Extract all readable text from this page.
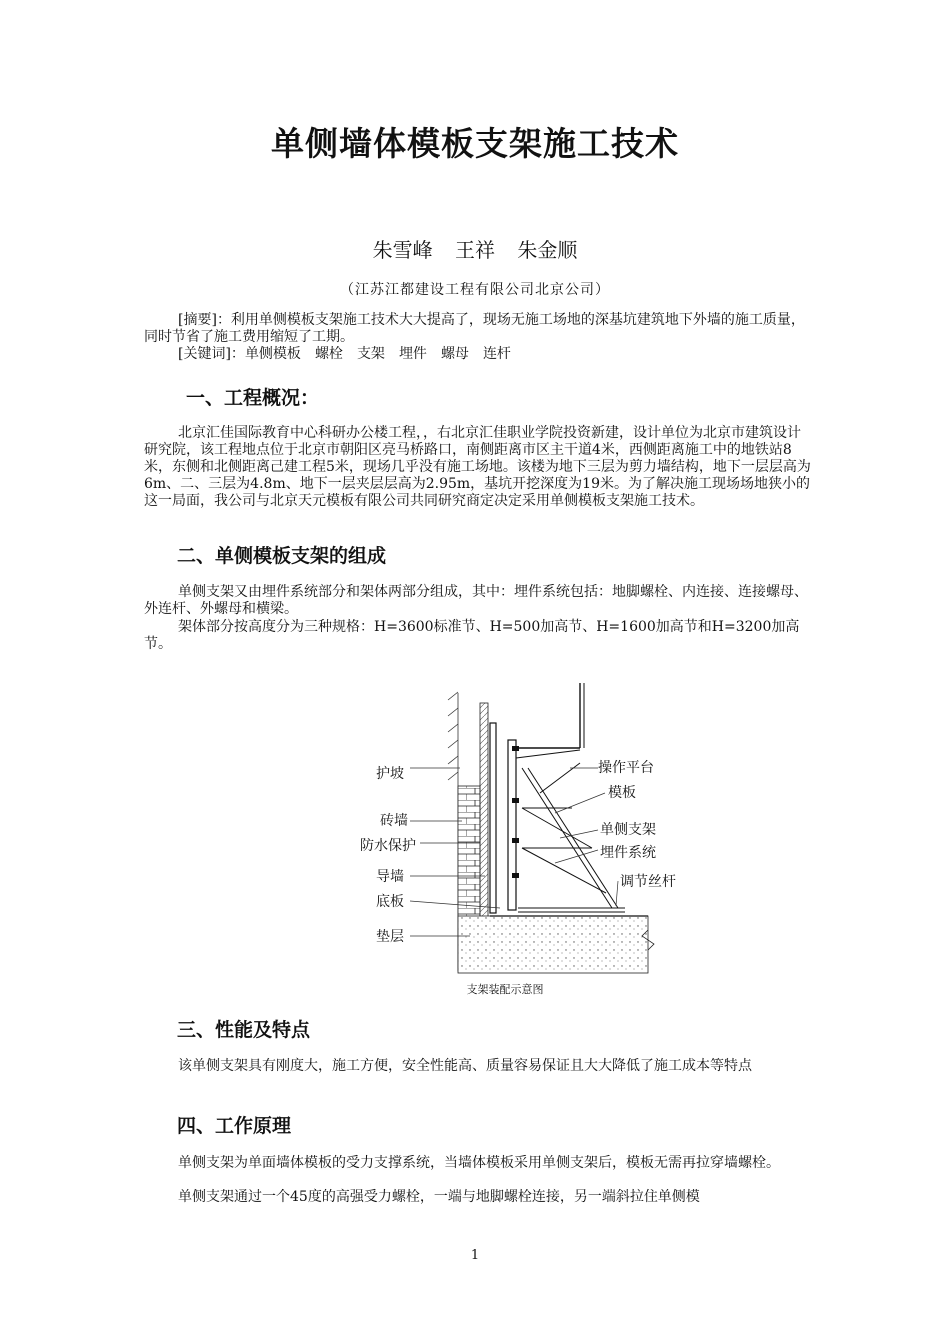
单侧墙体模板支架施工技术
朱雪峰 王祥 朱金顺
（江苏江都建设工程有限公司北京公司）

[摘要]：利用单侧模板支架施工技术大大提高了，现场无施工场地的深基坑建筑地下外墙的施工质量，同时节省了施工费用缩短了工期。

[关键词]：单侧模板 螺栓 支架 埋件 螺母 连杆

一、工程概况：

北京汇佳国际教育中心科研办公楼工程，，右北京汇佳职业学院投资新建，设计单位为北京市建筑设计研究院，该工程地点位于北京市朝阳区亮马桥路口，南侧距离市区主干道4米，西侧距离施工中的地铁站8米，东侧和北侧距离己建工程5米，现场几乎没有施工场地。该楼为地下三层为剪力墙结构，地下一层层高为6m、二、三层为4.8m、地下一层夹层层高为2.95m，基坑开挖深度为19米。为了解决施工现场场地狭小的这一局面，我公司与北京天元模板有限公司共同研究商定决定采用单侧模板支架施工技术。

二、单侧模板支架的组成

单侧支架又由埋件系统部分和架体两部分组成，其中：埋件系统包括：地脚螺栓、内连接、连接螺母、外连杆、外螺母和横梁。

架体部分按高度分为三种规格：H=3600标准节、H=500加高节、H=1600加高节和H=3200加高节。

护坡
砖墙
防水保护
导墙
底板
垫层
操作平台
模板
单侧支架
埋件系统
调节丝杆
支架装配示意图
三、性能及特点

该单侧支架具有刚度大，施工方便，安全性能高、质量容易保证且大大降低了施工成本等特点

四、工作原理

单侧支架为单面墙体模板的受力支撑系统，当墙体模板采用单侧支架后，模板无需再拉穿墙螺栓。

单侧支架通过一个45度的高强受力螺栓，一端与地脚螺栓连接，另一端斜拉住单侧模

1
